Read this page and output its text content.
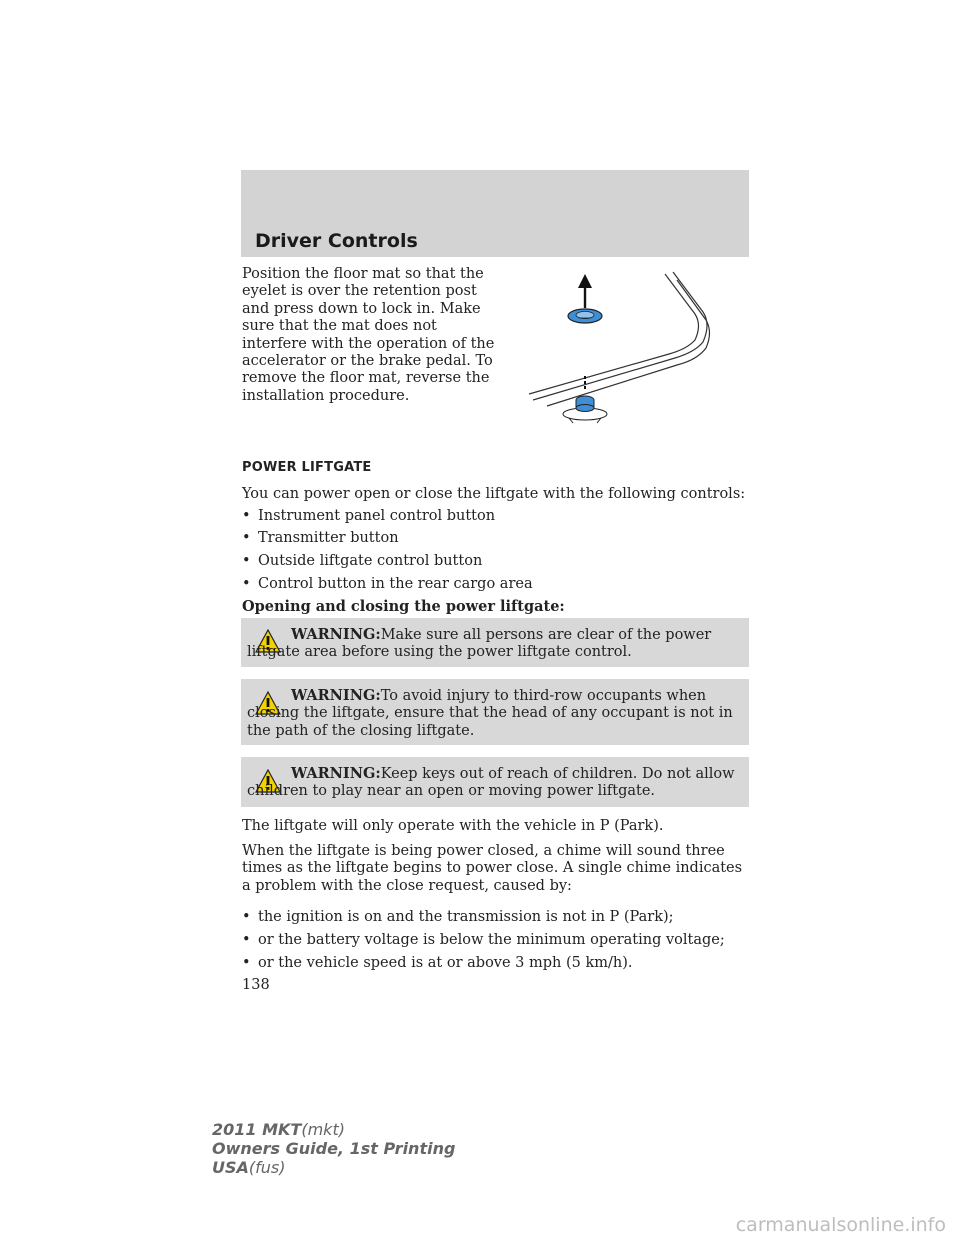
Driver Controls
Position the floor mat so that the eyelet is over the retention post and press down to lock in. Make sure that the mat does not interfere with the operation of the accelerator or the brake pedal. To remove the floor mat, reverse the installation procedure.
POWER LIFTGATE
You can power open or close the liftgate with the following controls:
• Instrument panel control button
• Transmitter button
• Outside liftgate control button
• Control button in the rear cargo area
Opening and closing the power liftgate:
WARNING:Make sure all persons are clear of the power liftgate area before using the power liftgate control.
WARNING:To avoid injury to third-row occupants when closing the liftgate, ensure that the head of any occupant is not in the path of the closing liftgate.
WARNING:Keep keys out of reach of children. Do not allow children to play near an open or moving power liftgate.
The liftgate will only operate with the vehicle in P (Park).
When the liftgate is being power closed, a chime will sound three times as the liftgate begins to power close. A single chime indicates a problem with the close request, caused by:
• the ignition is on and the transmission is not in P (Park);
• or the battery voltage is below the minimum operating voltage;
• or the vehicle speed is at or above 3 mph (5 km/h).
138
2011 MKT(mkt)
Owners Guide, 1st Printing
USA(fus)
carmanualsonline.info
